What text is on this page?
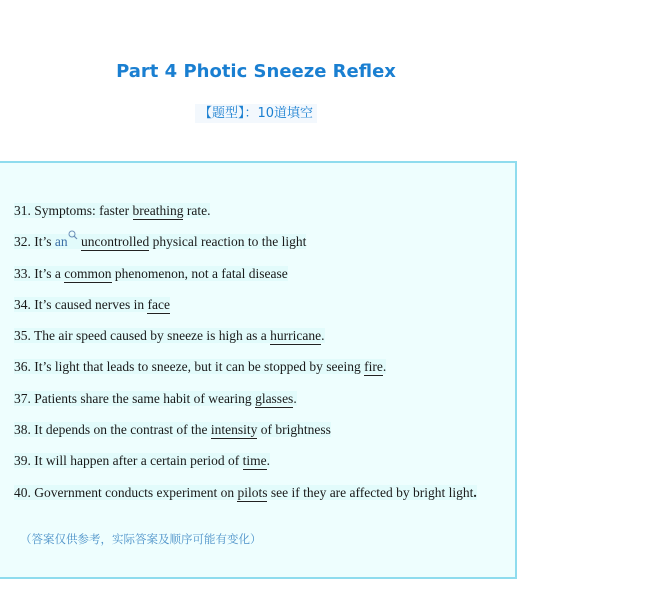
Part 4 Photic Sneeze Reflex
【题型】：10道填空
31. Symptoms: faster breathing rate.
32. It’s an uncontrolled physical reaction to the light
33. It’s a common phenomenon, not a fatal disease
34. It’s caused nerves in face
35. The air speed caused by sneeze is high as a hurricane.
36. It’s light that leads to sneeze, but it can be stopped by seeing fire.
37. Patients share the same habit of wearing glasses.
38. It depends on the contrast of the intensity of brightness
39. It will happen after a certain period of time.
40. Government conducts experiment on pilots see if they are affected by bright light.
（答案仅供参考，实际答案及顺序可能有变化）
